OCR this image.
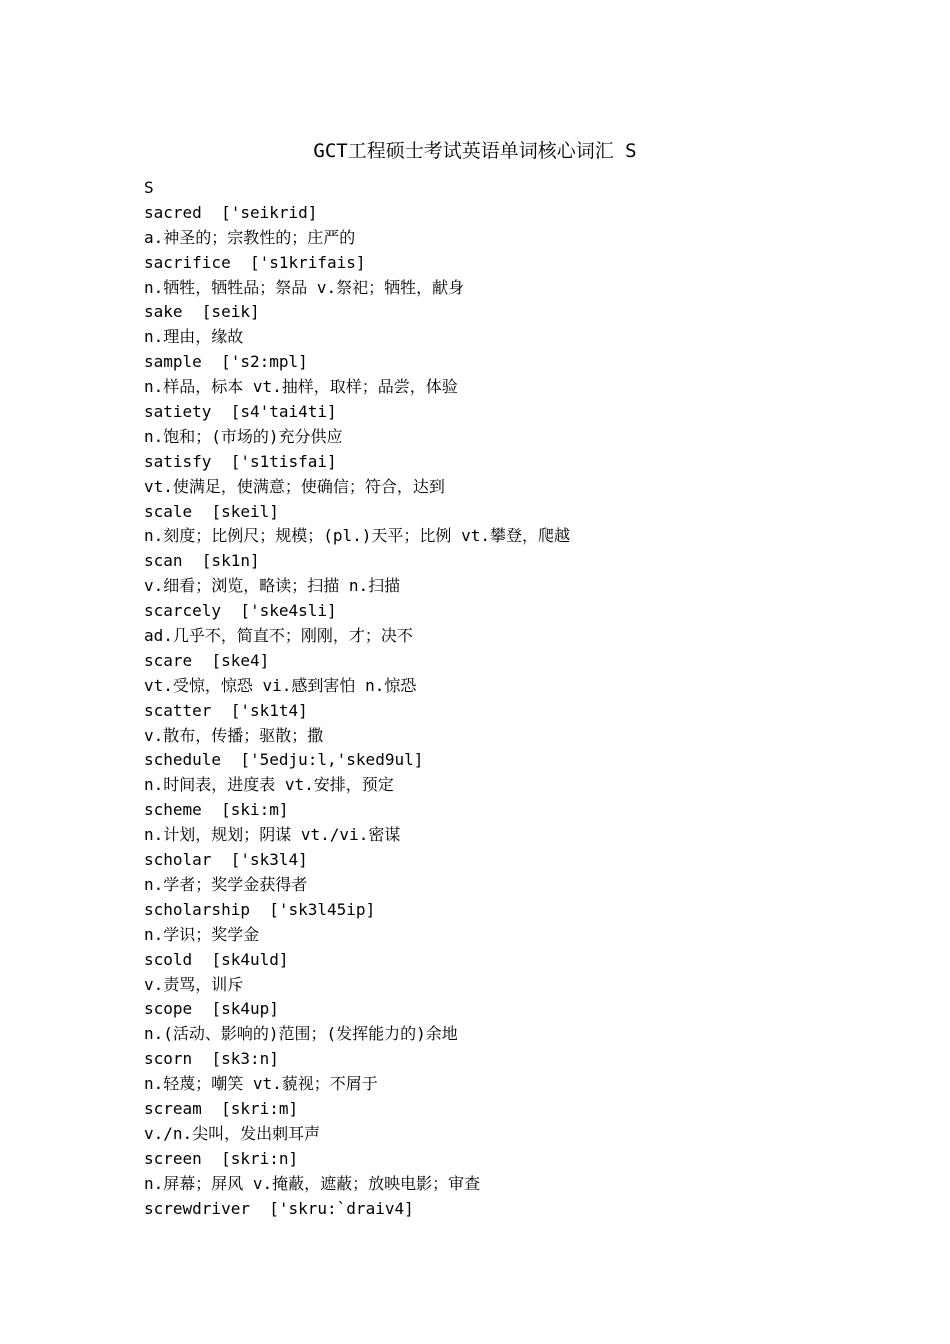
GCT工程硕士考试英语单词核心词汇 S
S
sacred ['seikrid]
a.神圣的；宗教性的；庄严的
sacrifice ['s1krifais]
n.牺牲，牺牲品；祭品 v.祭祀；牺牲，献身
sake [seik]
n.理由，缘故
sample ['s2:mpl]
n.样品，标本 vt.抽样，取样；品尝，体验
satiety [s4'tai4ti]
n.饱和；(市场的)充分供应
satisfy ['s1tisfai]
vt.使满足，使满意；使确信；符合，达到
scale [skeil]
n.刻度；比例尺；规模；(pl.)天平；比例 vt.攀登，爬越
scan [sk1n]
v.细看；浏览，略读；扫描 n.扫描
scarcely ['ske4sli]
ad.几乎不，简直不；刚刚，才；决不
scare [ske4]
vt.受惊，惊恐 vi.感到害怕 n.惊恐
scatter ['sk1t4]
v.散布，传播；驱散；撒
schedule ['5edju:l,'sked9ul]
n.时间表，进度表 vt.安排，预定
scheme [ski:m]
n.计划，规划；阴谋 vt./vi.密谋
scholar ['sk3l4]
n.学者；奖学金获得者
scholarship ['sk3l45ip]
n.学识；奖学金
scold [sk4uld]
v.责骂，训斥
scope [sk4up]
n.(活动、影响的)范围；(发挥能力的)余地
scorn [sk3:n]
n.轻蔑；嘲笑 vt.藐视；不屑于
scream [skri:m]
v./n.尖叫，发出刺耳声
screen [skri:n]
n.屏幕；屏风 v.掩蔽，遮蔽；放映电影；审查
screwdriver ['skru:`draiv4]
